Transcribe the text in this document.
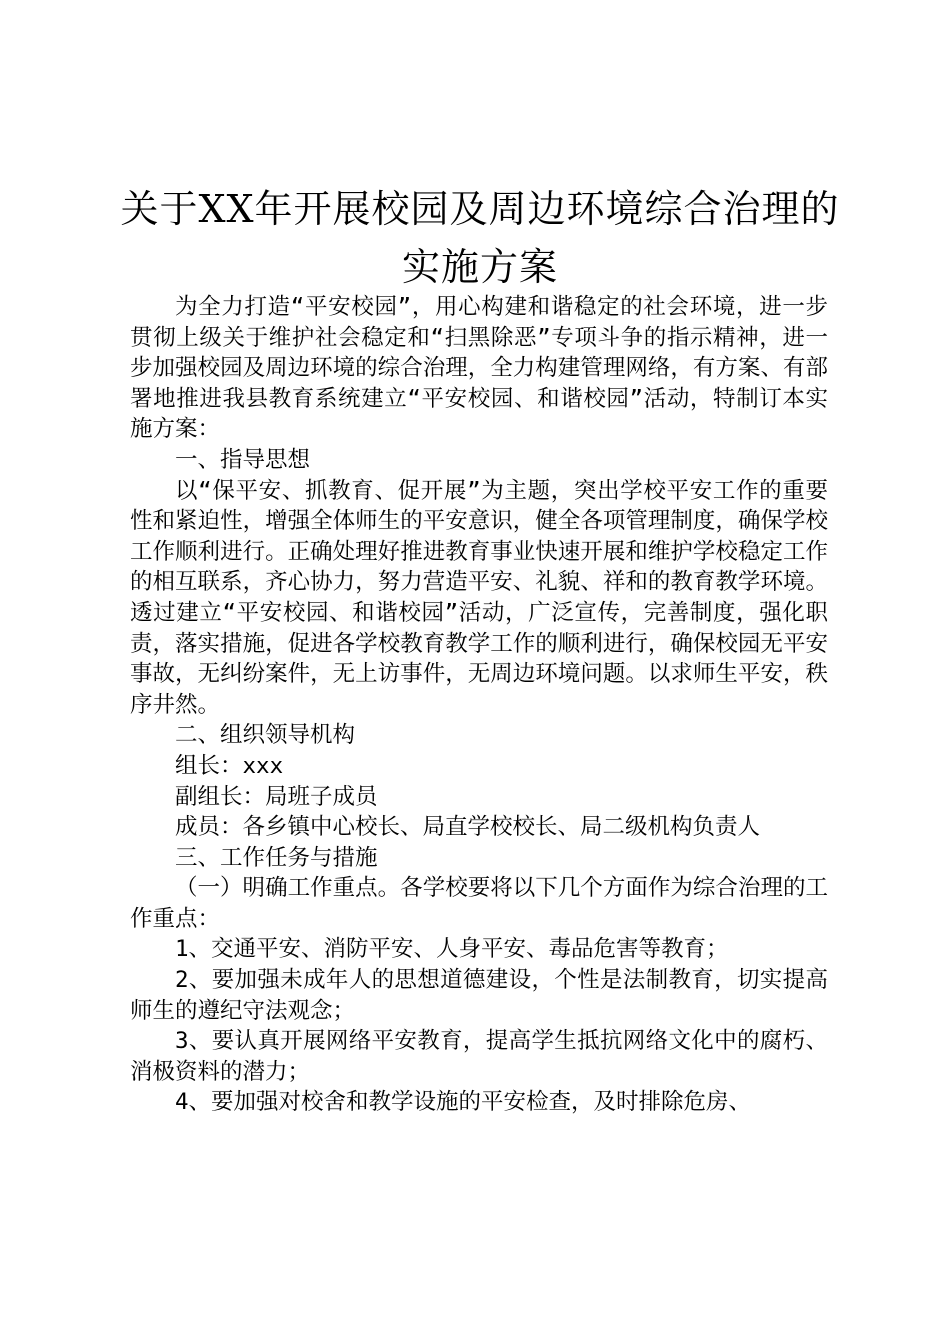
关于XX年开展校园及周边环境综合治理的实施方案

为全力打造“平安校园”，用心构建和谐稳定的社会环境，进一步贯彻上级关于维护社会稳定和“扫黑除恶”专项斗争的指示精神，进一步加强校园及周边环境的综合治理，全力构建管理网络，有方案、有部署地推进我县教育系统建立“平安校园、和谐校园”活动，特制订本实施方案：

一、指导思想

以“保平安、抓教育、促开展”为主题，突出学校平安工作的重要性和紧迫性，增强全体师生的平安意识，健全各项管理制度，确保学校工作顺利进行。正确处理好推进教育事业快速开展和维护学校稳定工作的相互联系，齐心协力，努力营造平安、礼貌、祥和的教育教学环境。透过建立“平安校园、和谐校园”活动，广泛宣传，完善制度，强化职责，落实措施，促进各学校教育教学工作的顺利进行，确保校园无平安事故，无纠纷案件，无上访事件，无周边环境问题。以求师生平安，秩序井然。

二、组织领导机构

组长：xxx

副组长：局班子成员

成员：各乡镇中心校长、局直学校校长、局二级机构负责人

三、工作任务与措施

（一）明确工作重点。各学校要将以下几个方面作为综合治理的工作重点：

1、交通平安、消防平安、人身平安、毒品危害等教育；

2、要加强未成年人的思想道德建设，个性是法制教育，切实提高师生的遵纪守法观念；

3、要认真开展网络平安教育，提高学生抵抗网络文化中的腐朽、消极资料的潜力；

4、要加强对校舍和教学设施的平安检查，及时排除危房、
